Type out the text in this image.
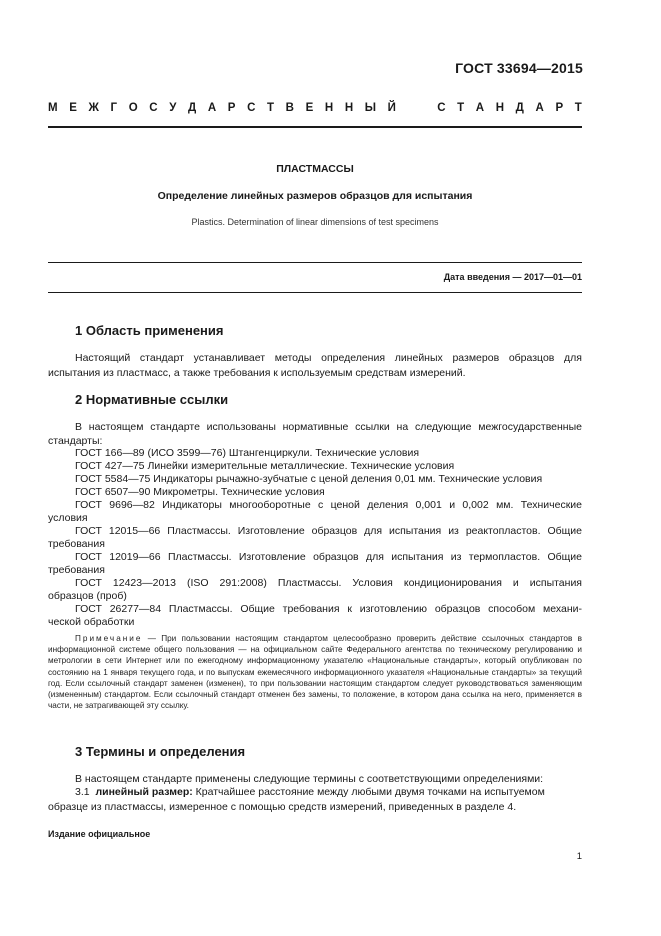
ГОСТ 33694—2015
М Е Ж Г О С У Д А Р С Т В Е Н Н Ы Й

	С Т А Н Д А Р Т
ПЛАСТМАССЫ
Определение линейных размеров образцов для испытания
Plastics. Determination of linear dimensions of test specimens
Дата введения — 2017—01—01
1 Область применения
Настоящий стандарт устанавливает методы определения линейных размеров образцов для
испытания из пластмасс, а также требования к используемым средствам измерений.
2 Нормативные ссылки
В настоящем стандарте использованы нормативные ссылки на следующие межгосударственные
стандарты:
ГОСТ 166—89 (ИСО 3599—76) Штангенциркули. Технические условия
ГОСТ 427—75 Линейки измерительные металлические. Технические условия
ГОСТ 5584—75 Индикаторы рычажно-зубчатые с ценой деления 0,01 мм. Технические условия
ГОСТ 6507—90 Микрометры. Технические условия
ГОСТ 9696—82 Индикаторы многооборотные с ценой деления 0,001 и 0,002 мм. Технические
условия
ГОСТ 12015—66 Пластмассы. Изготовление образцов для испытания из реактопластов. Общие
требования
ГОСТ 12019—66 Пластмассы. Изготовление образцов для испытания из термопластов. Общие
требования
ГОСТ 12423—2013 (ISO 291:2008) Пластмассы. Условия кондиционирования и испытания
образцов (проб)
ГОСТ 26277—84 Пластмассы. Общие требования к изготовлению образцов способом механи-
ческой обработки
Примечание — При пользовании настоящим стандартом целесообразно проверить действие ссылочных стандартов в информационной системе общего пользования — на официальном сайте Федерального агентства по техническому регулированию и метрологии в сети Интернет или по ежегодному информационному указателю «Национальные стандарты», который опубликован по состоянию на 1 января текущего года, и по выпускам ежемесячного информационного указателя «Национальные стандарты» за текущий год. Если ссылочный стандарт заменен (изменен), то при пользовании настоящим стандартом следует руководствоваться заменяющим (измененным) стандартом. Если ссылочный стандарт отменен без замены, то положение, в котором дана ссылка на него, применяется в части, не затрагивающей эту ссылку.
3 Термины и определения
В настоящем стандарте применены следующие термины с соответствующими определениями:
3.1 линейный размер: Кратчайшее расстояние между любыми двумя точками на испытуемом
образце из пластмассы, измеренное с помощью средств измерений, приведенных в разделе 4.
Издание официальное
1
